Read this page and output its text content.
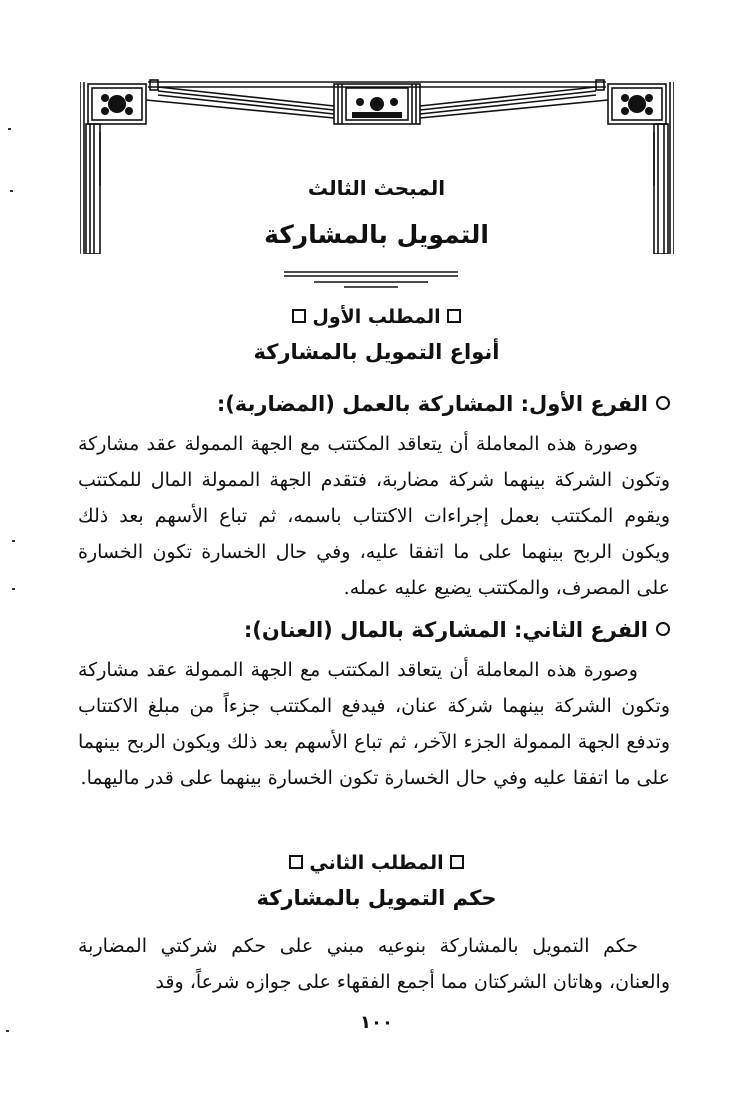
المبحث الثالث
التمويل بالمشاركة
المطلب الأول
أنواع التمويل بالمشاركة
الفرع الأول: المشاركة بالعمل (المضاربة):
وصورة هذه المعاملة أن يتعاقد المكتتب مع الجهة الممولة عقد مشاركة وتكون الشركة بينهما شركة مضاربة، فتقدم الجهة الممولة المال للمكتتب ويقوم المكتتب بعمل إجراءات الاكتتاب باسمه، ثم تباع الأسهم بعد ذلك ويكون الربح بينهما على ما اتفقا عليه، وفي حال الخسارة تكون الخسارة على المصرف، والمكتتب يضيع عليه عمله.
الفرع الثاني: المشاركة بالمال (العنان):
وصورة هذه المعاملة أن يتعاقد المكتتب مع الجهة الممولة عقد مشاركة وتكون الشركة بينهما شركة عنان، فيدفع المكتتب جزءاً من مبلغ الاكتتاب وتدفع الجهة الممولة الجزء الآخر، ثم تباع الأسهم بعد ذلك ويكون الربح بينهما على ما اتفقا عليه وفي حال الخسارة تكون الخسارة بينهما على قدر ماليهما.
المطلب الثاني
حكم التمويل بالمشاركة
حكم التمويل بالمشاركة بنوعيه مبني على حكم شركتي المضاربة والعنان، وهاتان الشركتان مما أجمع الفقهاء على جوازه شرعاً، وقد
١٠٠
